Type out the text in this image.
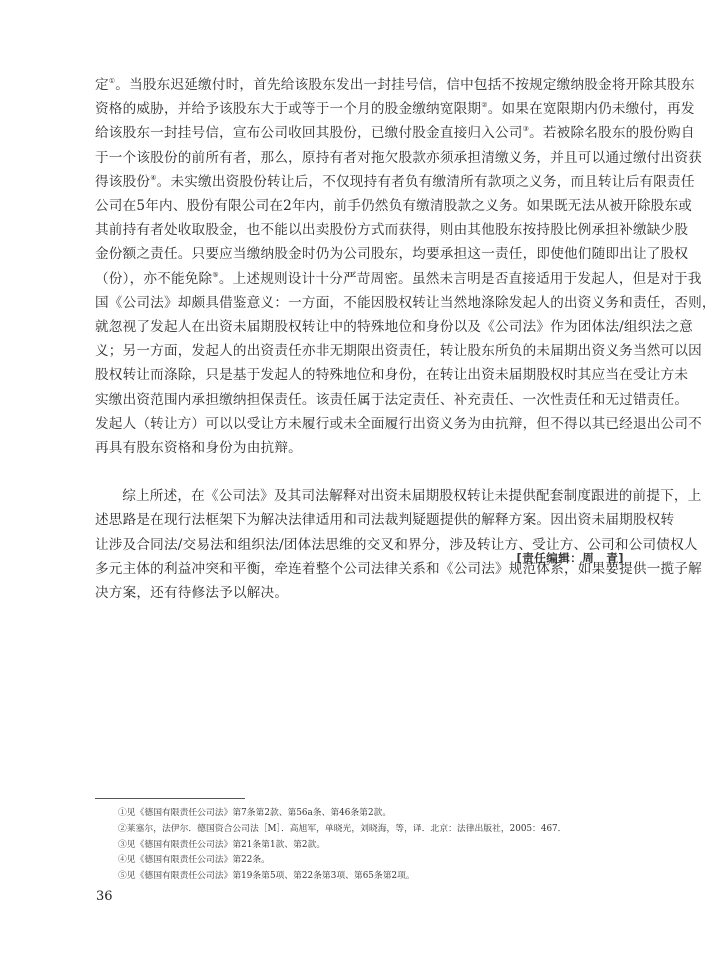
定①。当股东迟延缴付时，首先给该股东发出一封挂号信，信中包括不按规定缴纳股金将开除其股东
资格的威胁，并给予该股东大于或等于一个月的股金缴纳宽限期②。如果在宽限期内仍未缴付，再发
给该股东一封挂号信，宣布公司收回其股份，已缴付股金直接归入公司③。若被除名股东的股份购自
于一个该股份的前所有者，那么，原持有者对拖欠股款亦须承担清缴义务，并且可以通过缴付出资获
得该股份④。未实缴出资股份转让后，不仅现持有者负有缴清所有款项之义务，而且转让后有限责任
公司在5年内、股份有限公司在2年内，前手仍然负有缴清股款之义务。如果既无法从被开除股东或
其前持有者处收取股金，也不能以出卖股份方式而获得，则由其他股东按持股比例承担补缴缺少股
金份额之责任。只要应当缴纳股金时仍为公司股东，均要承担这一责任，即使他们随即出让了股权
（份），亦不能免除⑤。上述规则设计十分严苛周密。虽然未言明是否直接适用于发起人，但是对于我
国《公司法》却颇具借鉴意义：一方面，不能因股权转让当然地涤除发起人的出资义务和责任，否则，
就忽视了发起人在出资未届期股权转让中的特殊地位和身份以及《公司法》作为团体法/组织法之意
义；另一方面，发起人的出资责任亦非无期限出资责任，转让股东所负的未届期出资义务当然可以因
股权转让而涤除，只是基于发起人的特殊地位和身份，在转让出资未届期股权时其应当在受让方未
实缴出资范围内承担缴纳担保责任。该责任属于法定责任、补充责任、一次性责任和无过错责任。
发起人（转让方）可以以受让方未履行或未全面履行出资义务为由抗辩，但不得以其已经退出公司不
再具有股东资格和身份为由抗辩。

综上所述，在《公司法》及其司法解释对出资未届期股权转让未提供配套制度跟进的前提下，上
述思路是在现行法框架下为解决法律适用和司法裁判疑题提供的解释方案。因出资未届期股权转
让涉及合同法/交易法和组织法/团体法思维的交叉和界分，涉及转让方、受让方、公司和公司债权人
多元主体的利益冲突和平衡，牵连着整个公司法律关系和《公司法》规范体系，如果要提供一揽子解
决方案，还有待修法予以解决。

[责任编辑：周　青]
①见《德国有限责任公司法》第7条第2款、第56a条、第46条第2款。
②莱塞尔，法伊尔．德国资合公司法［M］．高旭军，单晓光，刘晓海，等，译．北京：法律出版社，2005：467．
③见《德国有限责任公司法》第21条第1款、第2款。
④见《德国有限责任公司法》第22条。
⑤见《德国有限责任公司法》第19条第5项、第22条第3项、第65条第2项。
36
